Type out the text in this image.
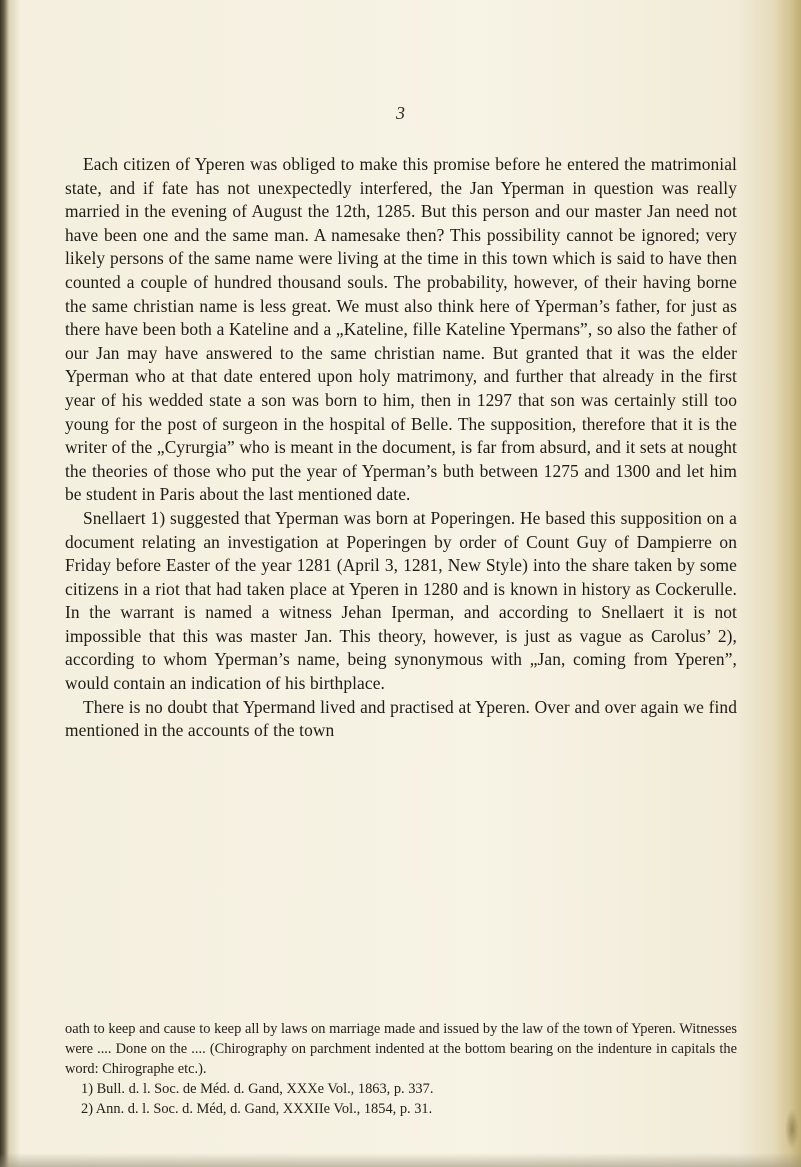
3

Each citizen of Yperen was obliged to make this promise before he entered the matrimonial state, and if fate has not unexpectedly interfered, the Jan Yperman in question was really married in the evening of August the 12th, 1285. But this person and our master Jan need not have been one and the same man. A namesake then? This possibility cannot be ignored; very likely persons of the same name were living at the time in this town which is said to have then counted a couple of hundred thousand souls. The probability, however, of their having borne the same christian name is less great. We must also think here of Yperman’s father, for just as there have been both a Kateline and a „Kateline, fille Kateline Ypermans”, so also the father of our Jan may have answered to the same christian name. But granted that it was the elder Yperman who at that date entered upon holy matrimony, and further that already in the first year of his wedded state a son was born to him, then in 1297 that son was certainly still too young for the post of surgeon in the hospital of Belle. The supposition, therefore that it is the writer of the „Cyrurgia” who is meant in the document, is far from absurd, and it sets at nought the theories of those who put the year of Yperman’s buth between 1275 and 1300 and let him be student in Paris about the last mentioned date.

Snellaert 1) suggested that Yperman was born at Poperingen. He based this supposition on a document relating an investigation at Poperingen by order of Count Guy of Dampierre on Friday before Easter of the year 1281 (April 3, 1281, New Style) into the share taken by some citizens in a riot that had taken place at Yperen in 1280 and is known in history as Cockerulle. In the warrant is named a witness Jehan Iperman, and according to Snellaert it is not impossible that this was master Jan. This theory, however, is just as vague as Carolus’ 2), according to whom Yperman’s name, being synonymous with „Jan, coming from Yperen”, would contain an indication of his birthplace.

There is no doubt that Ypermand lived and practised at Yperen. Over and over again we find mentioned in the accounts of the town

oath to keep and cause to keep all by laws on marriage made and issued by the law of the town of Yperen. Witnesses were .... Done on the .... (Chirography on parchment indented at the bottom bearing on the indenture in capitals the word: Chirographe etc.).

1) Bull. d. l. Soc. de Méd. d. Gand, XXXe Vol., 1863, p. 337.

2) Ann. d. l. Soc. d. Méd, d. Gand, XXXIIe Vol., 1854, p. 31.
